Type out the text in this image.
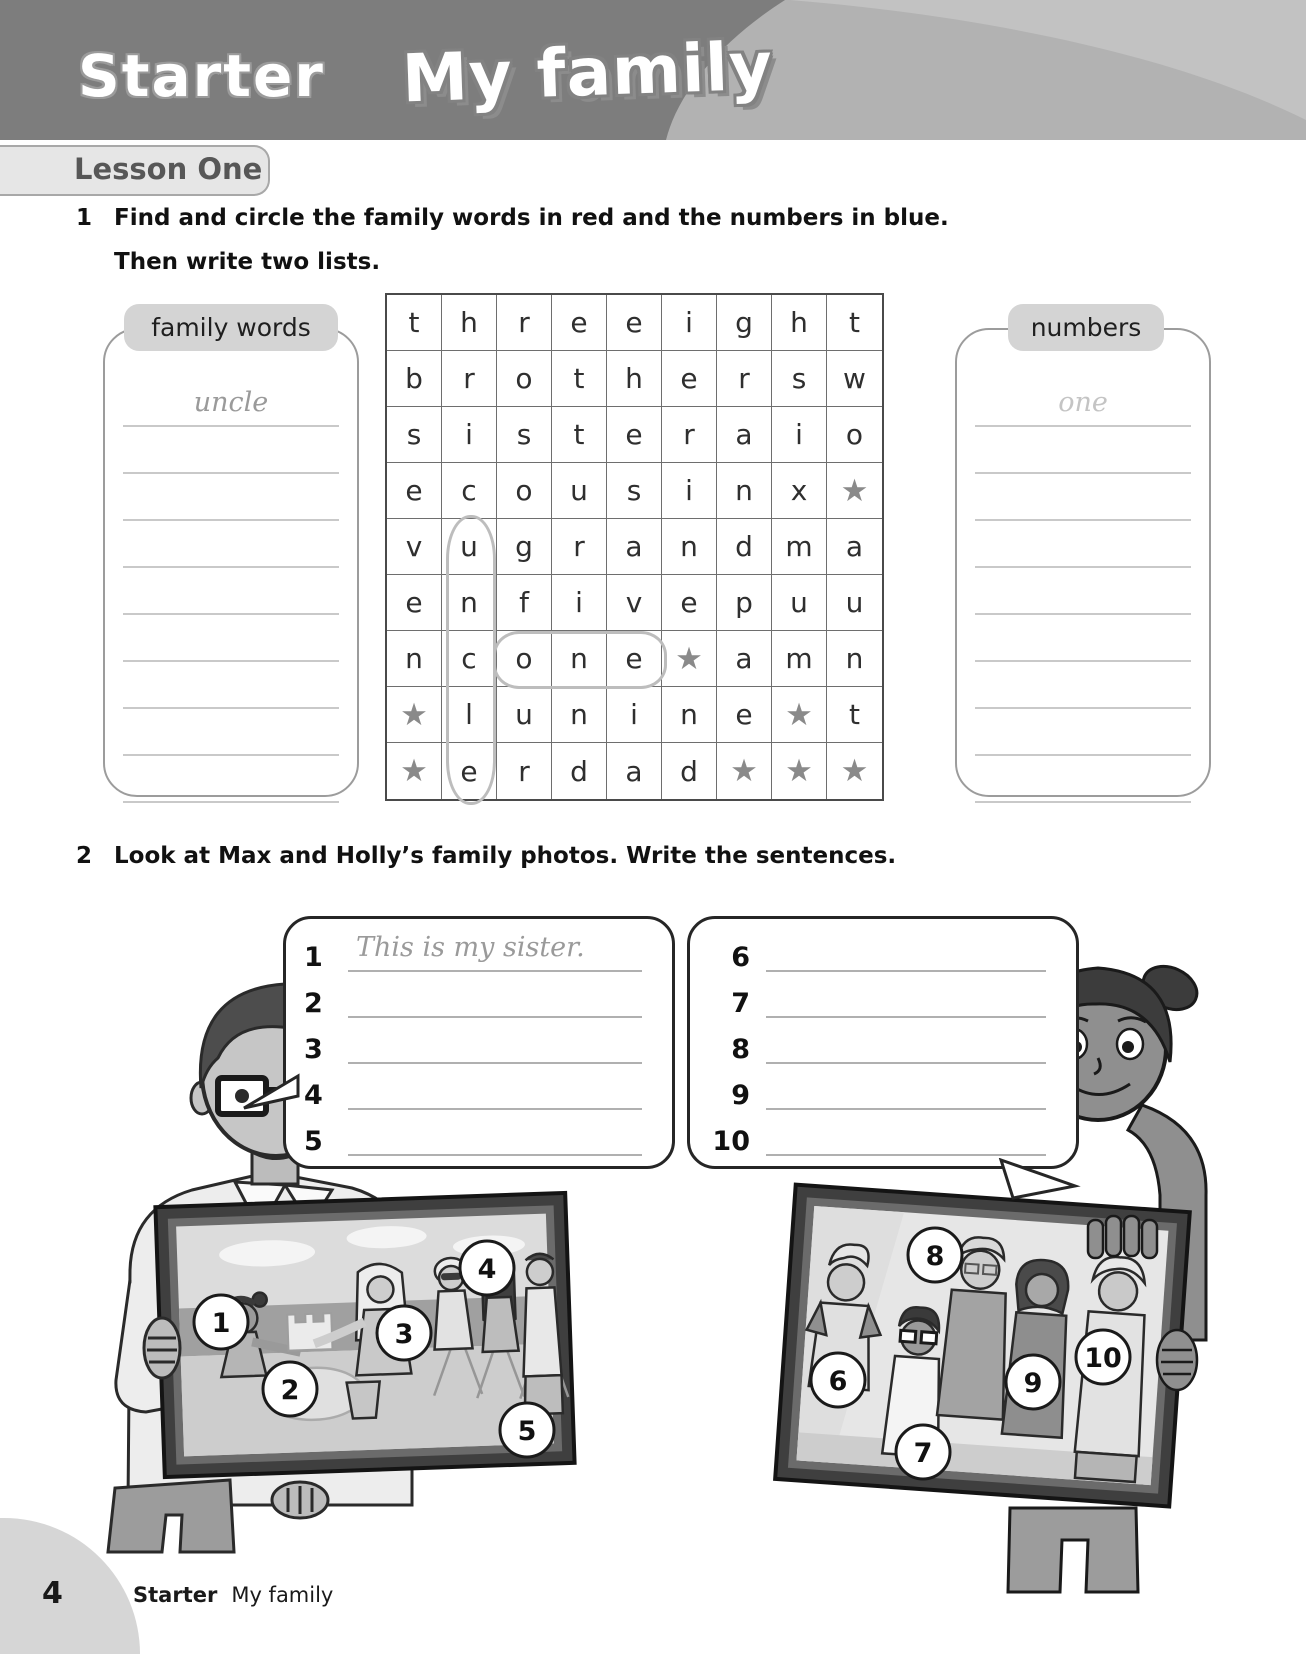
Starter My family
Lesson One
1 Find and circle the family words in red and the numbers in blue.
Then write two lists.
uncle
family words	t	h	r	e	e	i	g	h	t
b	r	o	t	h	e	r	s	w
s	i	s	t	e	r	a	i	o
e	c	o	u	s	i	n	x	★
v	u	g	r	a	n	d	m	a
e	n	f	i	v	e	p	u	u
n	c	o	n	e	★	a	m	n
★	l	u	n	i	n	e	★	t
★	e	r	d	a	d	★ ★ ★
one
numbers
2 Look at Max and Holly’s family photos. Write the sentences.
1	This is my sister.
2
3
4
5
6
7
8
9
10
1
2
3
4
5
6
7
8
9
10
4	Starter My family
